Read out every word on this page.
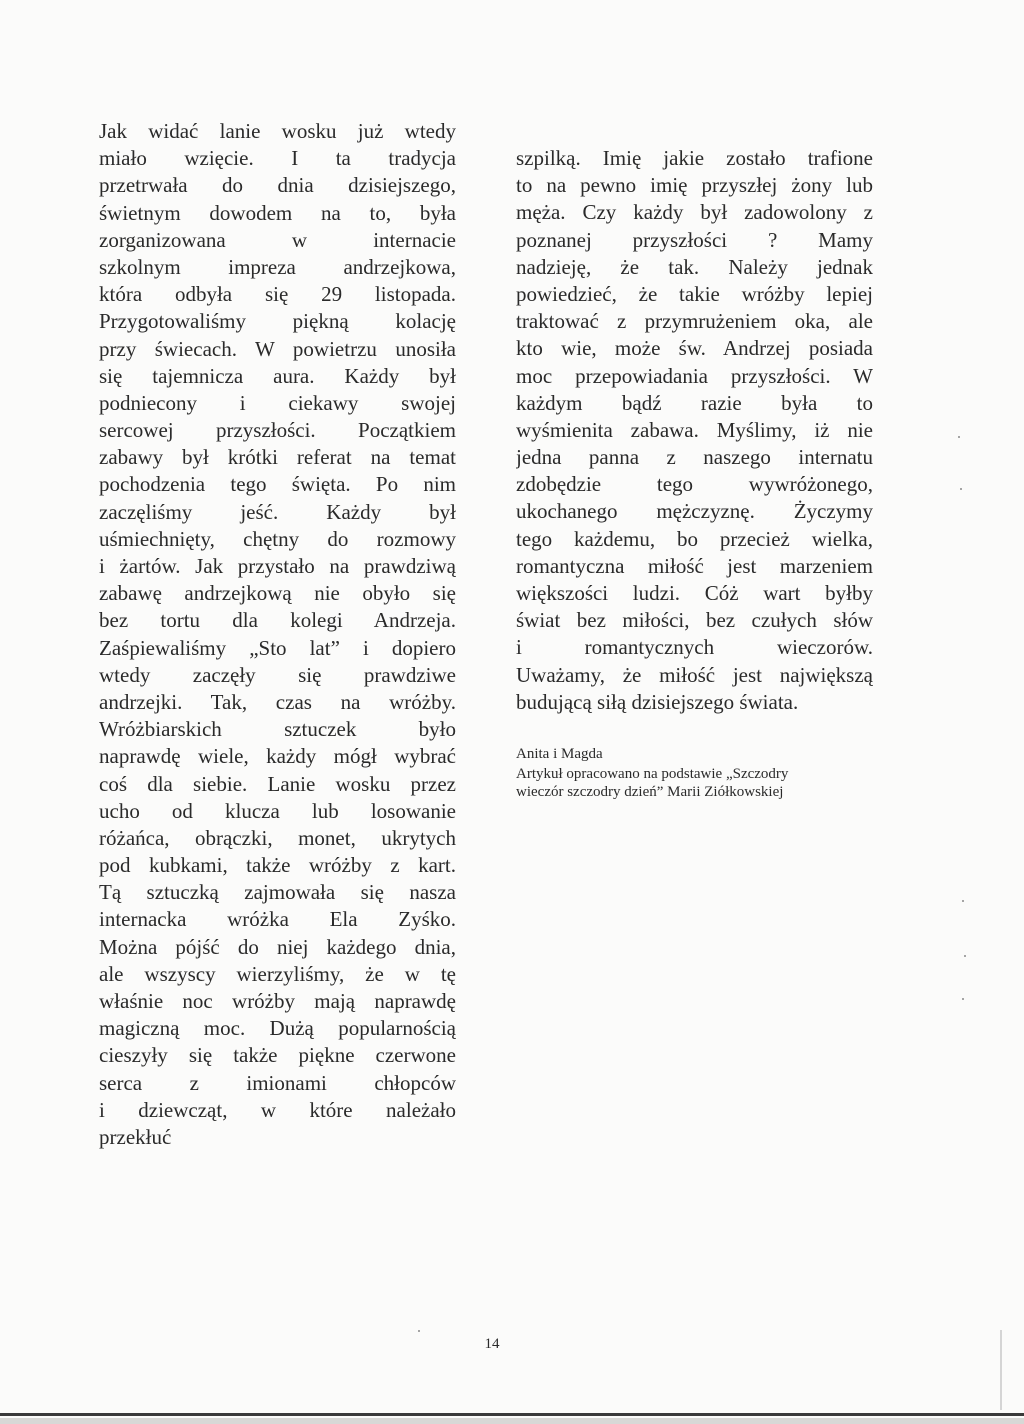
Jak widać lanie wosku już wtedy
miało wzięcie. I ta tradycja
przetrwała do dnia dzisiejszego,
świetnym dowodem na to, była
zorganizowana w internacie
szkolnym impreza andrzejkowa,
która odbyła się 29 listopada.
Przygotowaliśmy piękną kolację
przy świecach. W powietrzu unosiła
się tajemnicza aura. Każdy był
podniecony i ciekawy swojej
sercowej przyszłości. Początkiem
zabawy był krótki referat na temat
pochodzenia tego święta. Po nim
zaczęliśmy jeść. Każdy był
uśmiechnięty, chętny do rozmowy
i żartów. Jak przystało na prawdziwą
zabawę andrzejkową nie obyło się
bez tortu dla kolegi Andrzeja.
Zaśpiewaliśmy „Sto lat” i dopiero
wtedy zaczęły się prawdziwe
andrzejki. Tak, czas na wróżby.
Wróżbiarskich sztuczek było
naprawdę wiele, każdy mógł wybrać
coś dla siebie. Lanie wosku przez
ucho od klucza lub losowanie
różańca, obrączki, monet, ukrytych
pod kubkami, także wróżby z kart.
Tą sztuczką zajmowała się nasza
internacka wróżka Ela Zyśko.
Można pójść do niej każdego dnia,
ale wszyscy wierzyliśmy, że w tę
właśnie noc wróżby mają naprawdę
magiczną moc. Dużą popularnością
cieszyły się także piękne czerwone
serca z imionami chłopców
i dziewcząt, w które należało
przekłuć
szpilką. Imię jakie zostało trafione
to na pewno imię przyszłej żony lub
męża. Czy każdy był zadowolony z
poznanej przyszłości ? Mamy
nadzieję, że tak. Należy jednak
powiedzieć, że takie wróżby lepiej
traktować z przymrużeniem oka, ale
kto wie, może św. Andrzej posiada
moc przepowiadania przyszłości. W
każdym bądź razie była to
wyśmienita zabawa. Myślimy, iż nie
jedna panna z naszego internatu
zdobędzie tego wywróżonego,
ukochanego mężczyznę. Życzymy
tego każdemu, bo przecież wielka,
romantyczna miłość jest marzeniem
większości ludzi. Cóż wart byłby
świat bez miłości, bez czułych słów
i romantycznych wieczorów.
Uważamy, że miłość jest największą
budującą siłą dzisiejszego świata.
Anita i Magda
Artykuł opracowano na podstawie „Szczodry
wieczór szczodry dzień” Marii Ziółkowskiej
14
